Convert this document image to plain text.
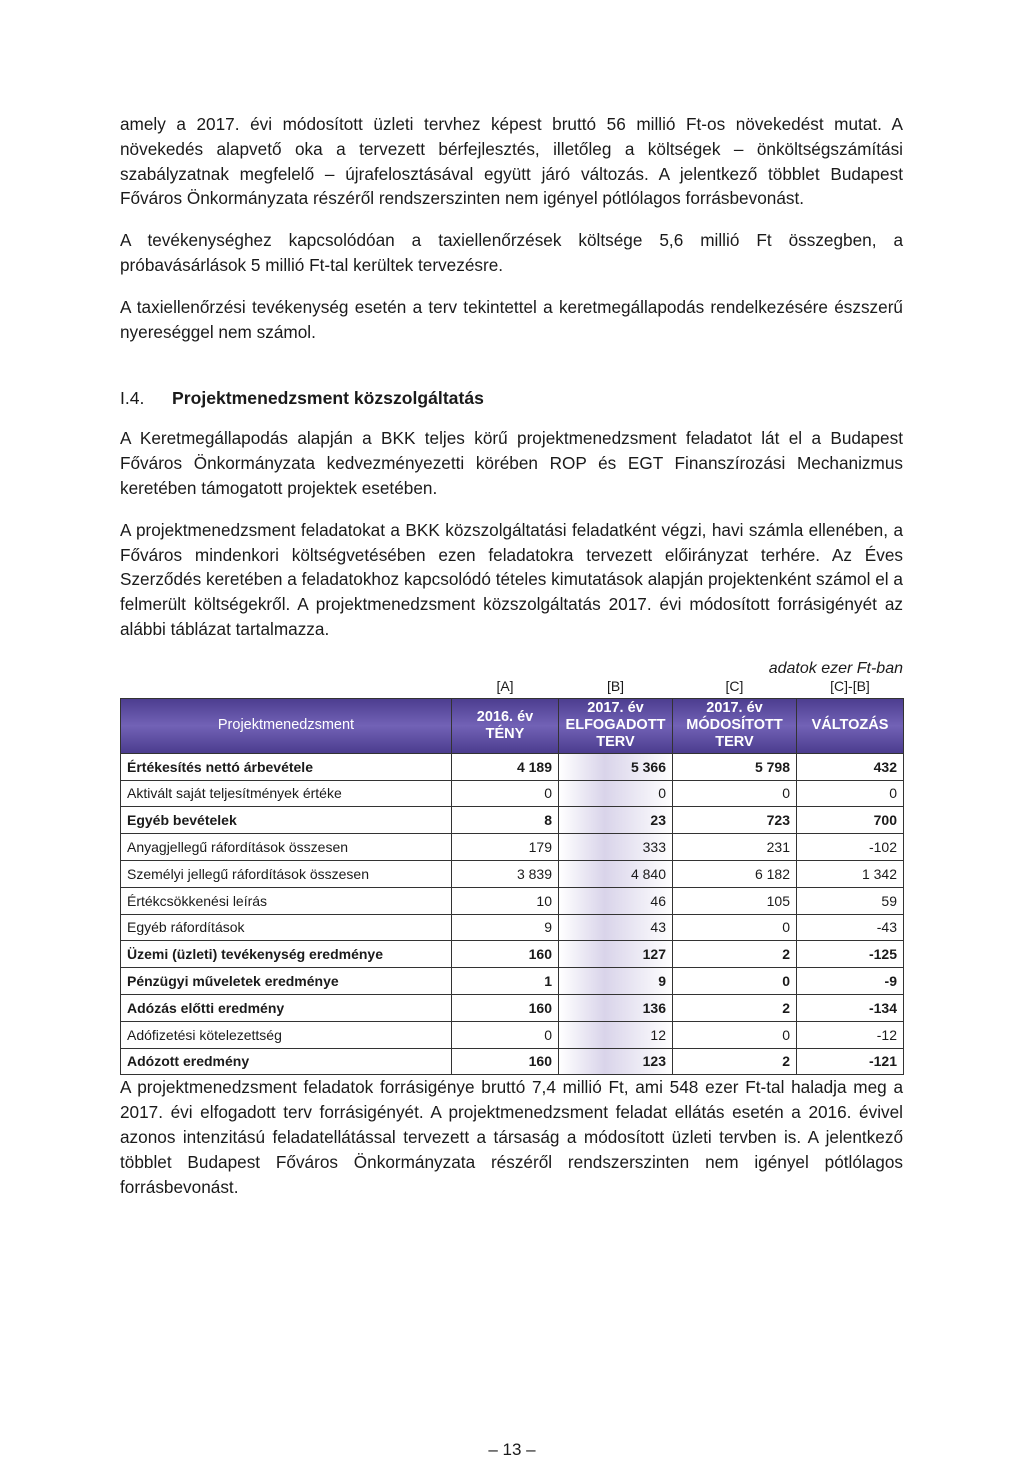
amely a 2017. évi módosított üzleti tervhez képest bruttó 56 millió Ft-os növekedést mutat. A növekedés alapvető oka a tervezett bérfejlesztés, illetőleg a költségek – önköltségszámítási szabályzatnak megfelelő – újrafelosztásával együtt járó változás. A jelentkező többlet Budapest Főváros Önkormányzata részéről rendszerszinten nem igényel pótlólagos forrásbevonást.

A tevékenységhez kapcsolódóan a taxiellenőrzések költsége 5,6 millió Ft összegben, a próbavásárlások 5 millió Ft-tal kerültek tervezésre.

A taxiellenőrzési tevékenység esetén a terv tekintettel a keretmegállapodás rendelkezésére észszerű nyereséggel nem számol.

I.4.	Projektmenedzsment közszolgáltatás

A Keretmegállapodás alapján a BKK teljes körű projektmenedzsment feladatot lát el a Budapest Főváros Önkormányzata kedvezményezetti körében ROP és EGT Finanszírozási Mechanizmus keretében támogatott projektek esetében.

A projektmenedzsment feladatokat a BKK közszolgáltatási feladatként végzi, havi számla ellenében, a Főváros mindenkori költségvetésében ezen feladatokra tervezett előirányzat terhére. Az Éves Szerződés keretében a feladatokhoz kapcsolódó tételes kimutatások alapján projektenként számol el a felmerült költségekről. A projektmenedzsment közszolgáltatás 2017. évi módosított forrásigényét az alábbi táblázat tartalmazza.

adatok ezer Ft-ban
	[A]	[B]	[C]	[C]-[B]
Projektmenedzsment	2016. év TÉNY	2017. év ELFOGADOTT TERV	2017. év MÓDOSÍTOTT TERV	VÁLTOZÁS
Értékesítés nettó árbevétele	4 189	5 366	5 798	432
Aktivált saját teljesítmények értéke	0	0	0	0
Egyéb bevételek	8	23	723	700
Anyagjellegű ráfordítások összesen	179	333	231	-102
Személyi jellegű ráfordítások összesen	3 839	4 840	6 182	1 342
Értékcsökkenési leírás	10	46	105	59
Egyéb ráfordítások	9	43	0	-43
Üzemi (üzleti) tevékenység eredménye	160	127	2	-125
Pénzügyi műveletek eredménye	1	9	0	-9
Adózás előtti eredmény	160	136	2	-134
Adófizetési kötelezettség	0	12	0	-12
Adózott eredmény	160	123	2	-121

A projektmenedzsment feladatok forrásigénye bruttó 7,4 millió Ft, ami 548 ezer Ft-tal haladja meg a 2017. évi elfogadott terv forrásigényét. A projektmenedzsment feladat ellátás esetén a 2016. évivel azonos intenzitású feladatellátással tervezett a társaság a módosított üzleti tervben is. A jelentkező többlet Budapest Főváros Önkormányzata részéről rendszerszinten nem igényel pótlólagos forrásbevonást.

– 13 –
